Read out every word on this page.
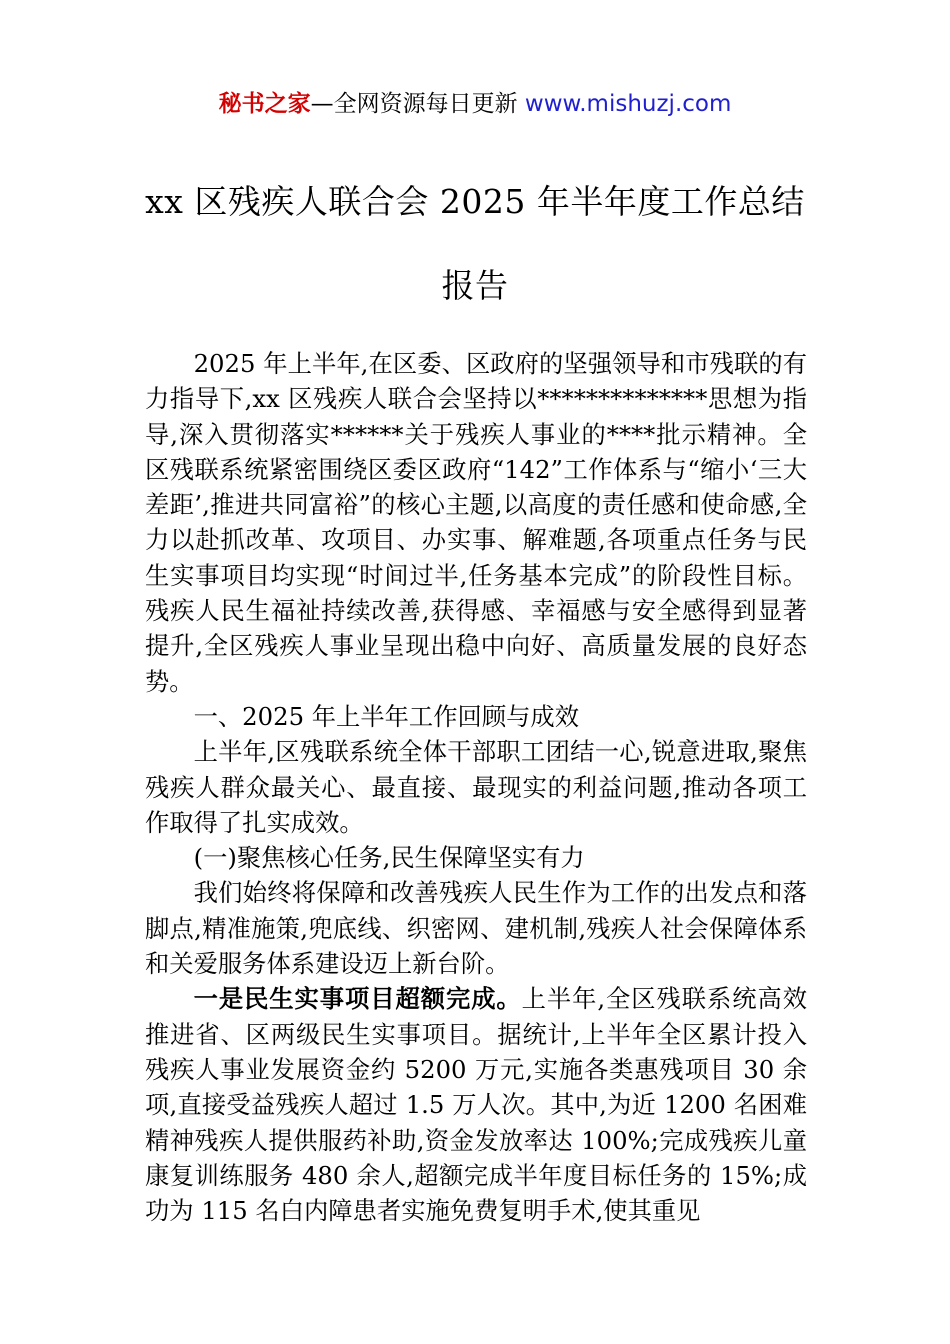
秘书之家—全网资源每日更新 www.mishuzj.com
xx 区残疾人联合会 2025 年半年度工作总结报告

2025 年上半年,在区委、区政府的坚强领导和市残联的有力指导下,xx 区残疾人联合会坚持以**************思想为指导,深入贯彻落实******关于残疾人事业的****批示精神。全区残联系统紧密围绕区委区政府“142”工作体系与“缩小‘三大差距’,推进共同富裕”的核心主题,以高度的责任感和使命感,全力以赴抓改革、攻项目、办实事、解难题,各项重点任务与民生实事项目均实现“时间过半,任务基本完成”的阶段性目标。残疾人民生福祉持续改善,获得感、幸福感与安全感得到显著提升,全区残疾人事业呈现出稳中向好、高质量发展的良好态势。

一、2025 年上半年工作回顾与成效

上半年,区残联系统全体干部职工团结一心,锐意进取,聚焦残疾人群众最关心、最直接、最现实的利益问题,推动各项工作取得了扎实成效。

(一)聚焦核心任务,民生保障坚实有力

我们始终将保障和改善残疾人民生作为工作的出发点和落脚点,精准施策,兜底线、织密网、建机制,残疾人社会保障体系和关爱服务体系建设迈上新台阶。

一是民生实事项目超额完成。上半年,全区残联系统高效推进省、区两级民生实事项目。据统计,上半年全区累计投入残疾人事业发展资金约 5200 万元,实施各类惠残项目 30 余项,直接受益残疾人超过 1.5 万人次。其中,为近 1200 名困难精神残疾人提供服药补助,资金发放率达 100%;完成残疾儿童康复训练服务 480 余人,超额完成半年度目标任务的 15%;成功为 115 名白内障患者实施免费复明手术,使其重见
